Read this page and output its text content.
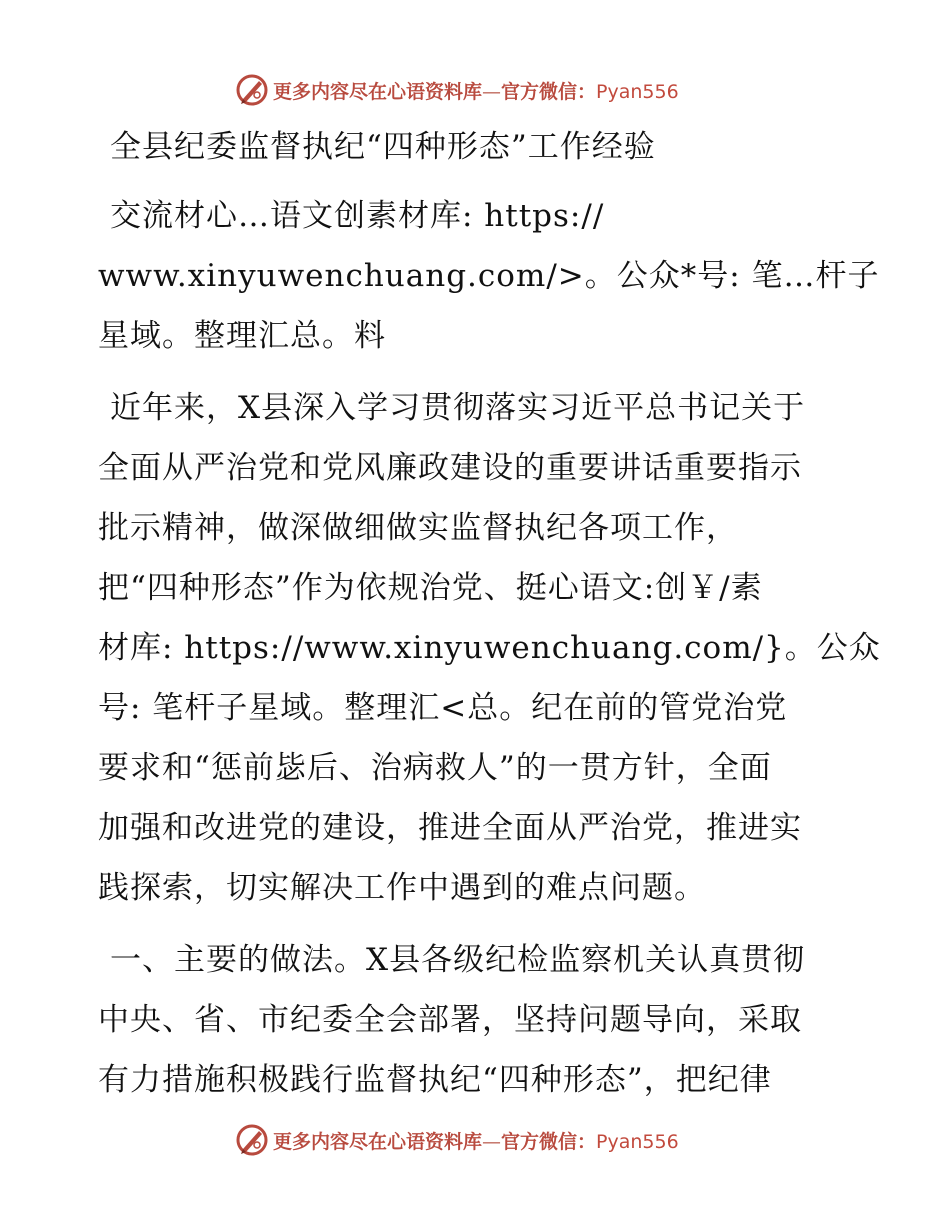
更多内容尽在心语资料库—官方微信：Pyan556
全县纪委监督执纪“四种形态”工作经验
交流材心…语文创素材库: https://
www.xinyuwenchuang.com/>。公众*号: 笔…杆子
星域。整理汇总。料
近年来，X县深入学习贯彻落实习近平总书记关于
全面从严治党和党风廉政建设的重要讲话重要指示
批示精神，做深做细做实监督执纪各项工作，
把“四种形态”作为依规治党、挺心语文:创￥/素
材库: https://www.xinyuwenchuang.com/}。公众
号: 笔杆子星域。整理汇<总。纪在前的管党治党
要求和“惩前毖后、治病救人”的一贯方针，全面
加强和改进党的建设，推进全面从严治党，推进实
践探索，切实解决工作中遇到的难点问题。
一、主要的做法。X县各级纪检监察机关认真贯彻
中央、省、市纪委全会部署，坚持问题导向，采取
有力措施积极践行监督执纪“四种形态”，把纪律
更多内容尽在心语资料库—官方微信：Pyan556
